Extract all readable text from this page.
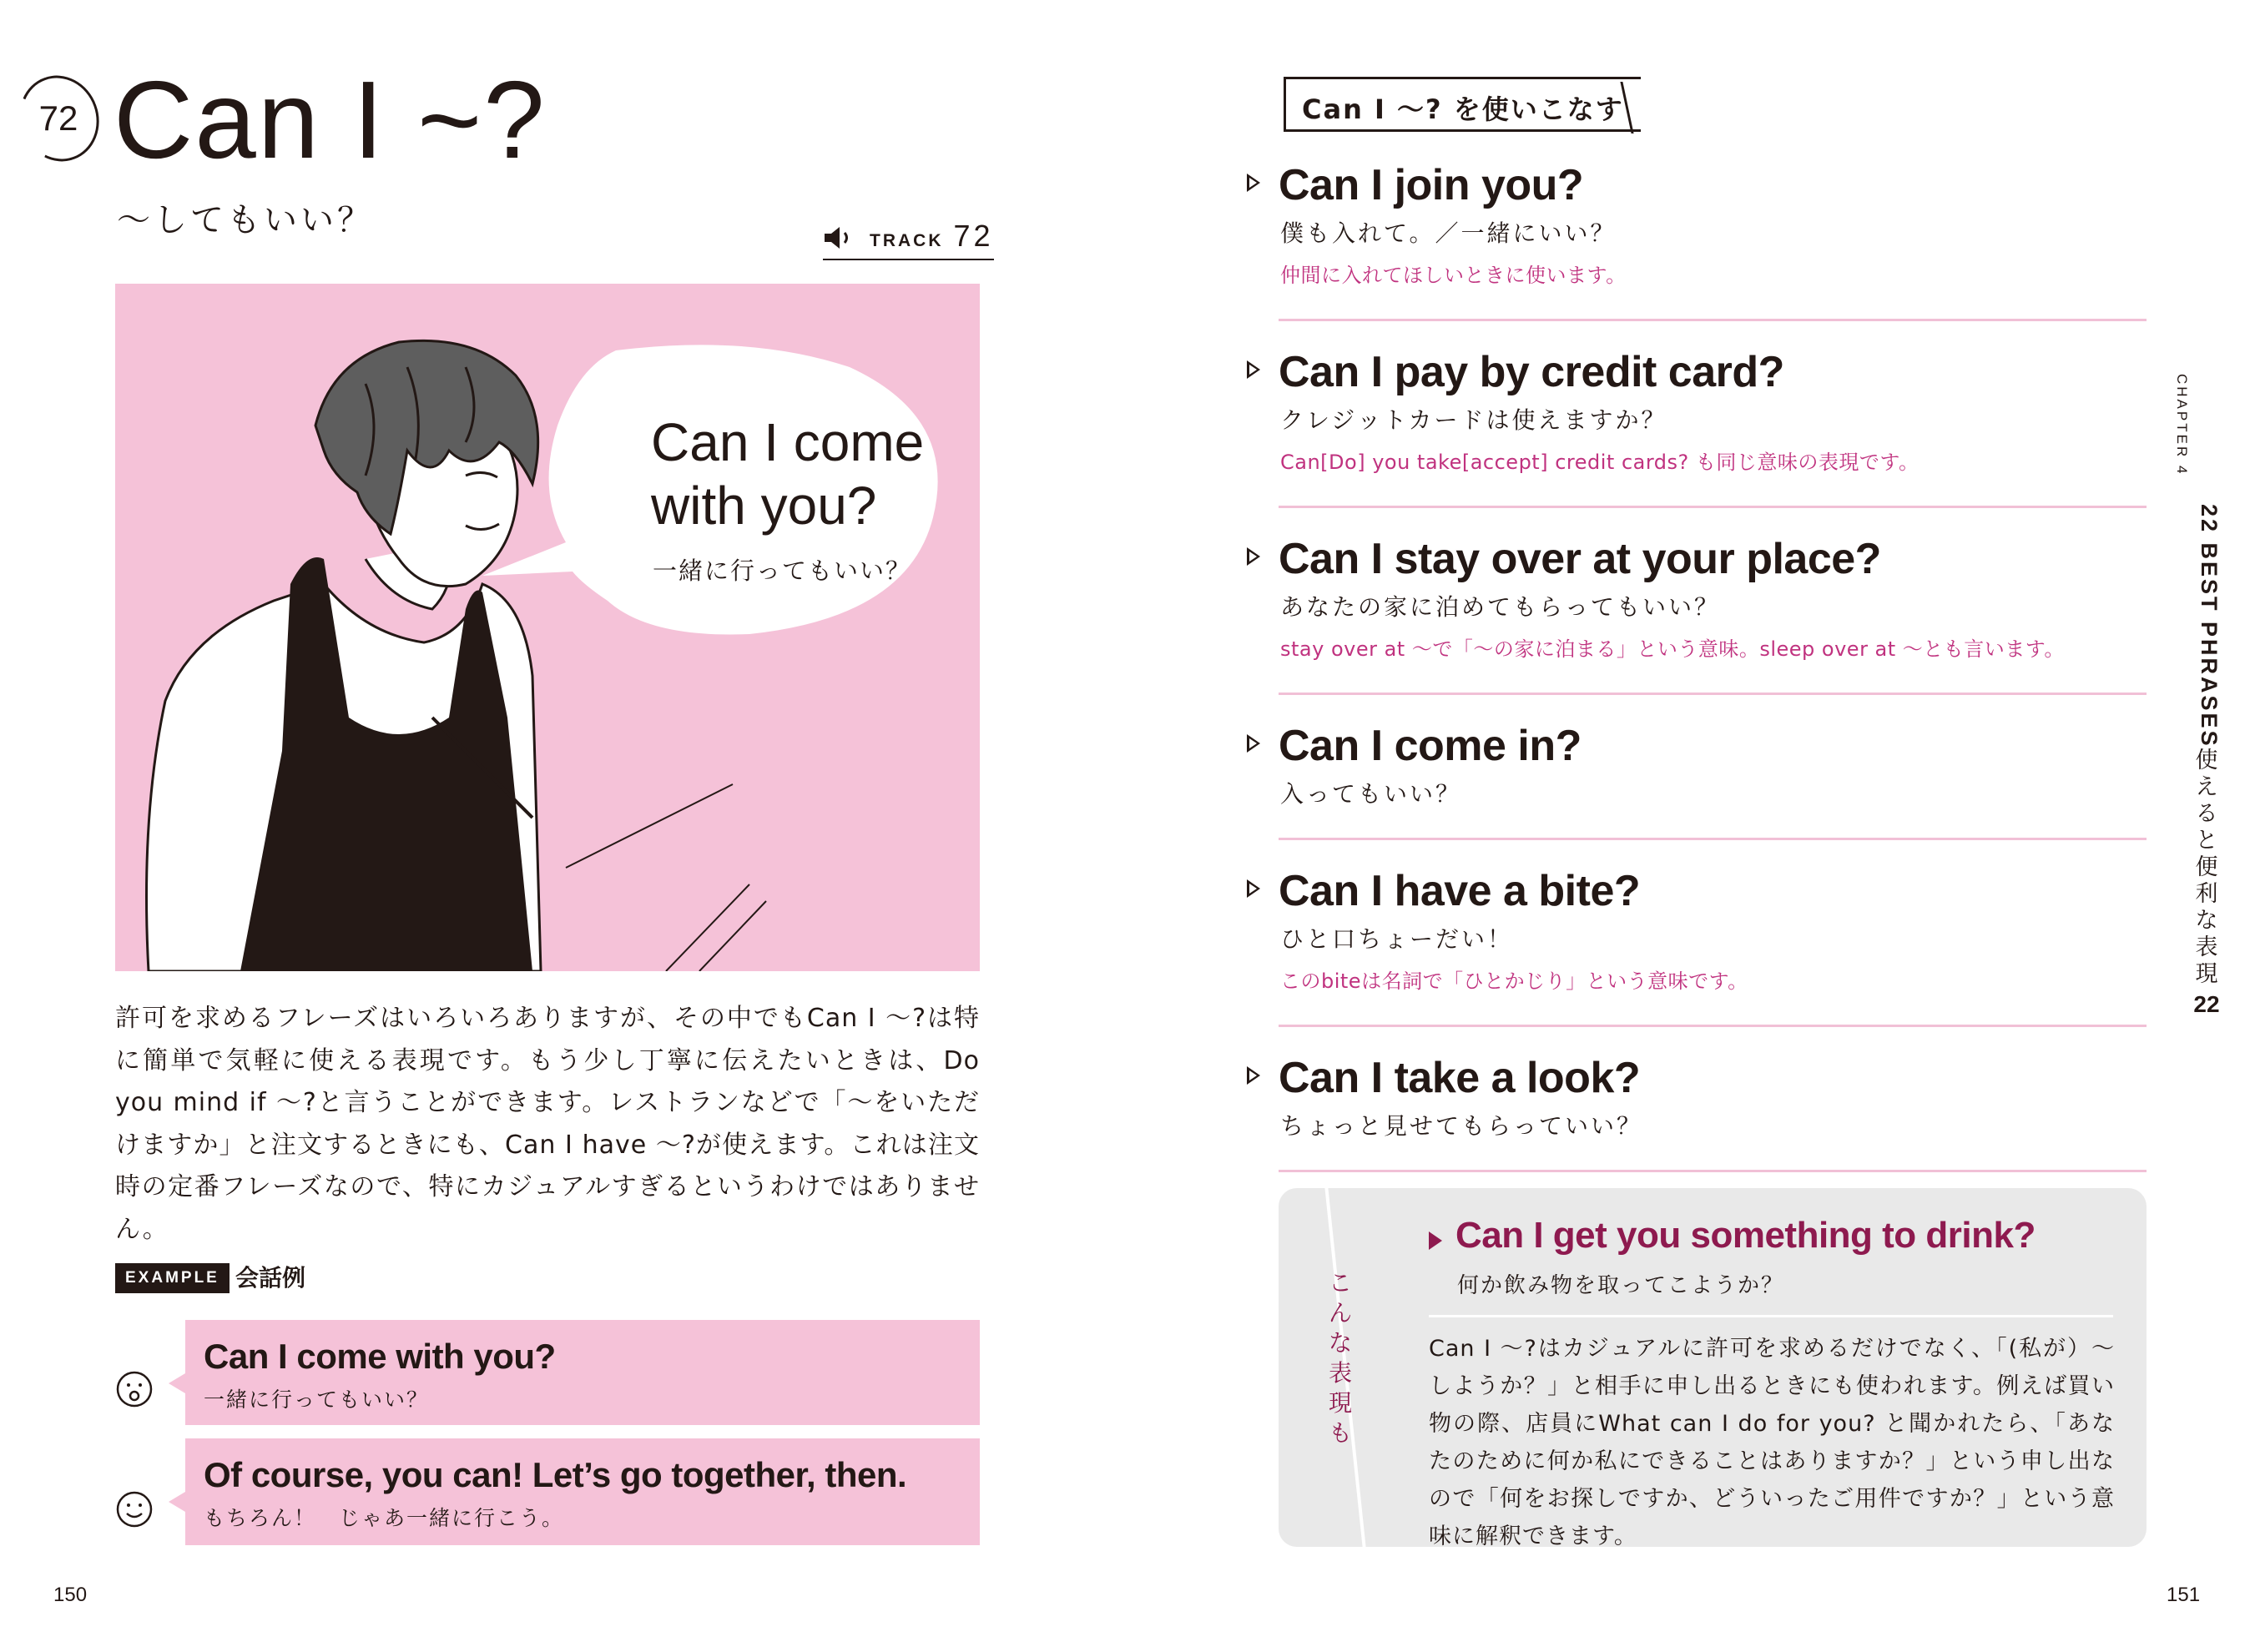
72 Can I ~?
〜してもいい？
TRACK 72
Can I come
with you?
一緒に行ってもいい？

許可を求めるフレーズはいろいろありますが、その中でもCan I ～?は特に簡単で気軽に使える表現です。もう少し丁寧に伝えたいときは、Do you mind if ～?と言うことができます。レストランなどで「～をいただけますか」と注文するときにも、Can I have ～?が使えます。これは注文時の定番フレーズなので、特にカジュアルすぎるというわけではありません。

EXAMPLE 会話例
Can I come with you?
一緒に行ってもいい？
Of course, you can! Let’s go together, then.
もちろん！　じゃあ一緒に行こう。
150
Can I ～? を使いこなす
Can I join you?
僕も入れて。／一緒にいい？
仲間に入れてほしいときに使います。
Can I pay by credit card?
クレジットカードは使えますか？
Can[Do] you take[accept] credit cards? も同じ意味の表現です。
Can I stay over at your place?
あなたの家に泊めてもらってもいい？
stay over at ～で「～の家に泊まる」という意味。sleep over at ～とも言います。
Can I come in?
入ってもいい？
Can I have a bite?
ひと口ちょーだい！
このbiteは名詞で「ひとかじり」という意味です。
Can I take a look?
ちょっと見せてもらっていい？
こ
ん
な
表
現
も
Can I get you something to drink?
何か飲み物を取ってこようか？

Can I ～?はカジュアルに許可を求めるだけでなく、「(私が）～しようか？」と相手に申し出るときにも使われます。例えば買い物の際、店員にWhat can I do for you? と聞かれたら、「あなたのために何か私にできることはありますか？」という申し出なので「何をお探しですか、どういったご用件ですか？」という意味に解釈できます。

CHAPTER 4
22 BEST PHRASES
使
え
る
と
便
利
な
表
現
22
151
